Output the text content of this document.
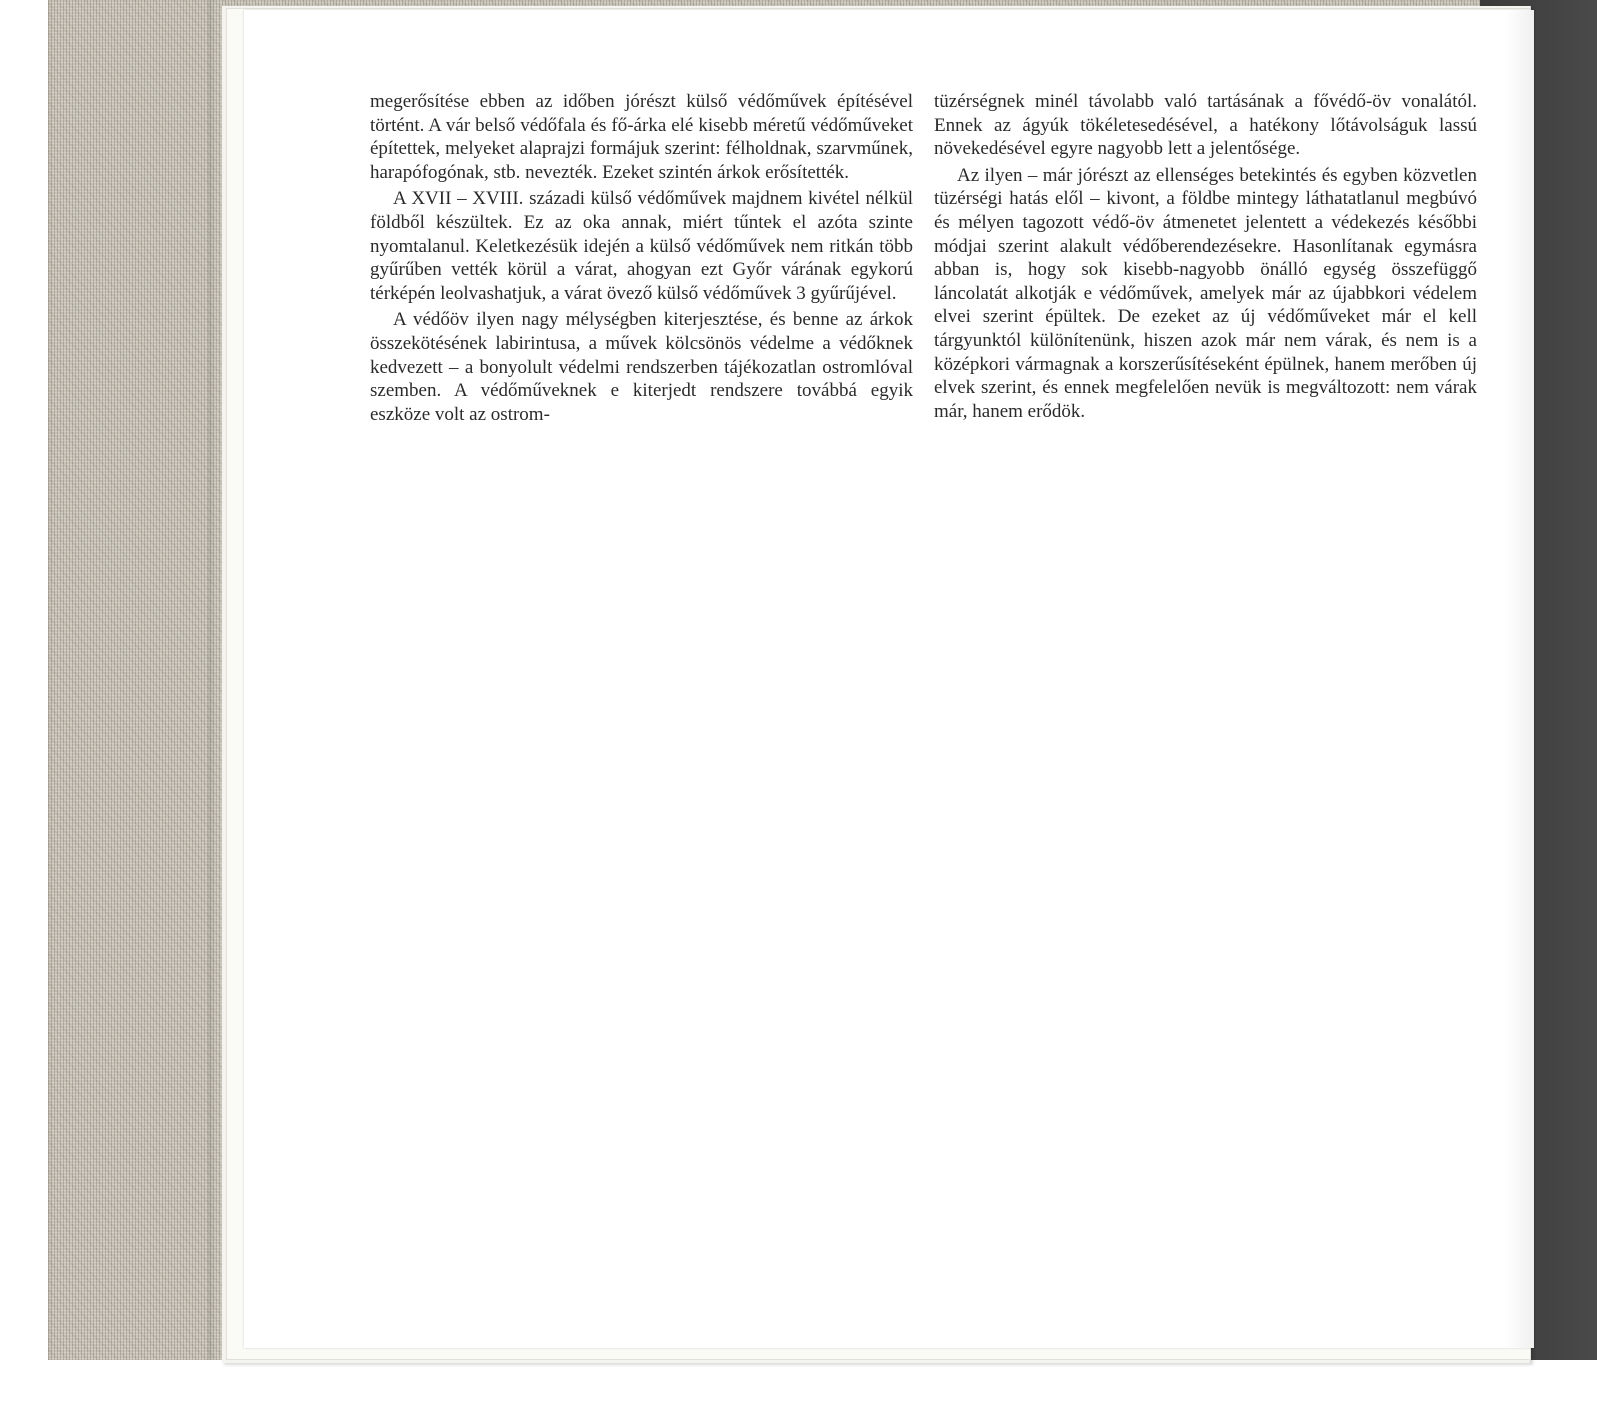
megerősítése ebben az időben jórészt külső védőművek építésével történt. A vár belső védőfala és fő-árka elé kisebb méretű védőműveket építettek, melyeket alaprajzi formájuk szerint: félholdnak, szarvműnek, harapófogónak, stb. nevezték. Ezeket szintén árkok erősítették.

A XVII – XVIII. századi külső védőművek majdnem kivétel nélkül földből készültek. Ez az oka annak, miért tűntek el azóta szinte nyomtalanul. Keletkezésük idején a külső védőművek nem ritkán több gyűrűben vették körül a várat, ahogyan ezt Győr várának egykorú térképén leolvashatjuk, a várat övező külső védőművek 3 gyűrűjével.

A védőöv ilyen nagy mélységben kiterjesztése, és benne az árkok összekötésének labirintusa, a művek kölcsönös védelme a védőknek kedvezett – a bonyolult védelmi rendszerben tájékozatlan ostromlóval szemben. A védőműveknek e kiterjedt rendszere továbbá egyik eszköze volt az ostrom-

tüzérségnek minél távolabb való tartásának a fővédő-öv vonalától. Ennek az ágyúk tökéletesedésével, a hatékony lőtávolságuk lassú növekedésével egyre nagyobb lett a jelentősége.

Az ilyen – már jórészt az ellenséges betekintés és egyben közvetlen tüzérségi hatás elől – kivont, a földbe mintegy láthatatlanul megbúvó és mélyen tagozott védő-öv átmenetet jelentett a védekezés későbbi módjai szerint alakult védőberendezésekre. Hasonlítanak egymásra abban is, hogy sok kisebb-nagyobb önálló egység összefüggő láncolatát alkotják e védőművek, amelyek már az újabbkori védelem elvei szerint épültek. De ezeket az új védőműveket már el kell tárgyunktól különítenünk, hiszen azok már nem várak, és nem is a középkori vármagnak a korszerűsítéseként épülnek, hanem merőben új elvek szerint, és ennek megfelelően nevük is megváltozott: nem várak már, hanem erődök.
